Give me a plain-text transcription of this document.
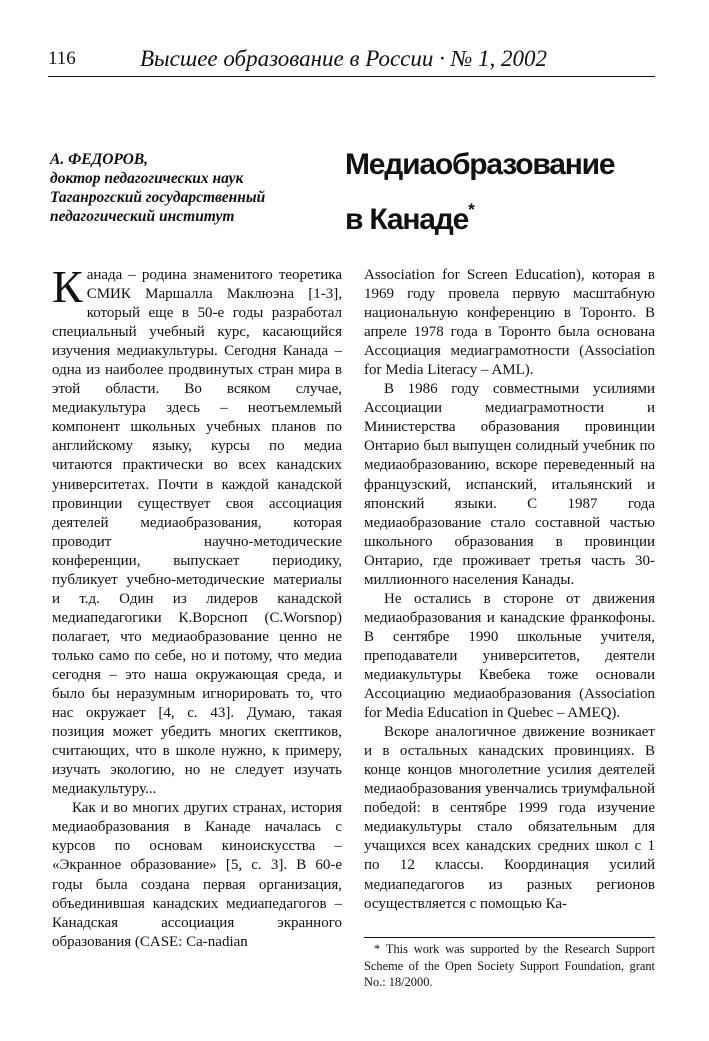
116	Высшее образование в России · № 1, 2002
А. ФЕДОРОВ,
доктор педагогических наук
Таганрогский государственный
педагогический институт
Медиаобразование
в Канаде*

Канада – родина знаменитого теоретика СМИК Маршалла Маклюэна [1-3], который еще в 50-е годы разработал специальный учебный курс, касающийся изучения медиакультуры. Сегодня Канада – одна из наиболее продвинутых стран мира в этой области. Во всяком случае, медиакультура здесь – неотъемлемый компонент школьных учебных планов по английскому языку, курсы по медиа читаются практически во всех канадских университетах. Почти в каждой канадской провинции существует своя ассоциация деятелей медиаобразования, которая проводит научно-методические конференции, выпускает периодику, публикует учебно-методические материалы и т.д. Один из лидеров канадской медиапедагогики К.Ворсноп (C.Worsnop) полагает, что медиаобразование ценно не только само по себе, но и потому, что медиа сегодня – это наша окружающая среда, и было бы неразумным игнорировать то, что нас окружает [4, с. 43]. Думаю, такая позиция может убедить многих скептиков, считающих, что в школе нужно, к примеру, изучать экологию, но не следует изучать медиакультуру...

Как и во многих других странах, история медиаобразования в Канаде началась с курсов по основам киноискусства – «Экранное образование» [5, с. 3]. В 60-е годы была создана первая организация, объединившая канадских медиапедагогов – Канадская ассоциация экранного образования (CASE: Ca-nadian

Association for Screen Education), которая в 1969 году провела первую масштабную национальную конференцию в Торонто. В апреле 1978 года в Торонто была основана Ассоциация медиаграмотности (Association for Media Literacy – AML).

В 1986 году совместными усилиями Ассоциации медиаграмотности и Министерства образования провинции Онтарио был выпущен солидный учебник по медиаобразованию, вскоре переведенный на французский, испанский, итальянский и японский языки. С 1987 года медиаобразование стало составной частью школьного образования в провинции Онтарио, где проживает третья часть 30-миллионного населения Канады.

Не остались в стороне от движения медиаобразования и канадские франкофоны. В сентябре 1990 школьные учителя, преподаватели университетов, деятели медиакультуры Квебека тоже основали Ассоциацию медиаобразования (Association for Media Education in Quebec – AMEQ).

Вскоре аналогичное движение возникает и в остальных канадских провинциях. В конце концов многолетние усилия деятелей медиаобразования увенчались триумфальной победой: в сентябре 1999 года изучение медиакультуры стало обязательным для учащихся всех канадских средних школ с 1 по 12 классы. Координация усилий медиапедагогов из разных регионов осуществляется с помощью Ка-

* This work was supported by the Research Support Scheme of the Open Society Support Foundation, grant No.: 18/2000.
